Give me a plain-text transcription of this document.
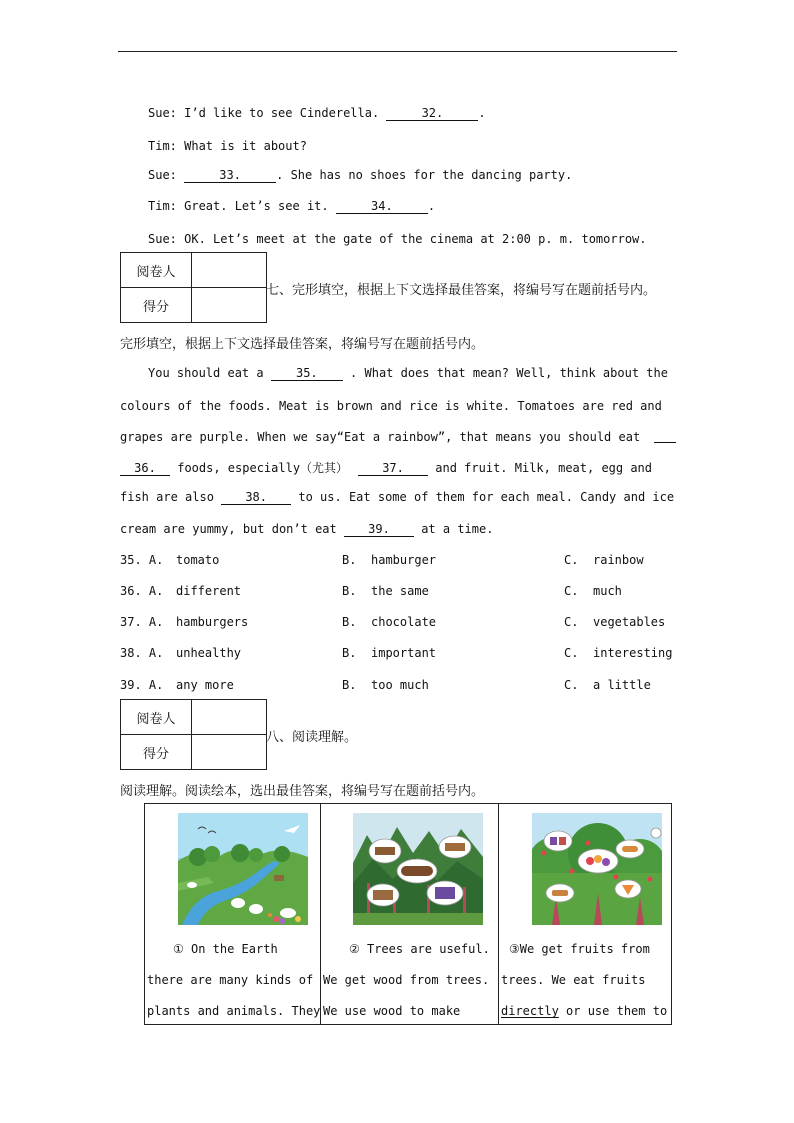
Sue: I’d like to see Cinderella.	32.	.
Tim: What is it about?
Sue:	33.	. She has no shoes for the dancing party.
Tim: Great. Let’s see it.	34.	.
Sue: OK. Let’s meet at the gate of the cinema at 2:00 p. m. tomorrow.
阅卷人	
得分	
七、完形填空，根据上下文选择最佳答案，将编号写在题前括号内。
完形填空，根据上下文选择最佳答案，将编号写在题前括号内。
You should eat a 35. . What does that mean? Well, think about the
colours of the foods. Meat is brown and rice is white. Tomatoes are red and
grapes are purple. When we say“Eat a rainbow”, that means you should eat
36. foods, especially（尤其）	37. and fruit. Milk, meat, egg and
fish are also 38. to us. Eat some of them for each meal. Candy and ice
cream are yummy, but don’t eat 39. at a time.
35. A. tomato	B. hamburger	C. rainbow
36. A. different	B. the same	C. much
37. A. hamburgers	B. chocolate	C. vegetables
38. A. unhealthy	B. important	C. interesting
39. A. any more	B. too much	C. a little
阅卷人	
得分	
八、阅读理解。
阅读理解。阅读绘本，选出最佳答案，将编号写在题前括号内。
① On the Earth
there are many kinds of
plants and animals. They
② Trees are useful.
We get wood from trees.
We use wood to make
③We get fruits from
trees. We eat fruits
directly or use them to
